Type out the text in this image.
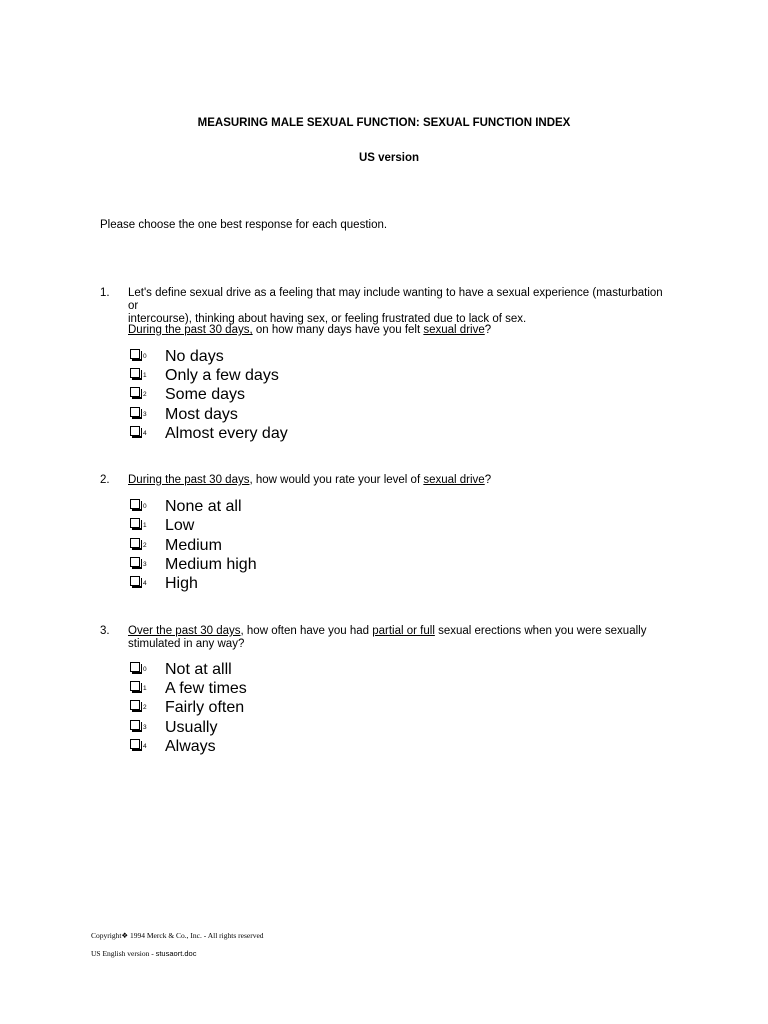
MEASURING MALE SEXUAL FUNCTION: SEXUAL FUNCTION INDEX
US version
Please choose the one best response for each question.
1. Let's define sexual drive as a feeling that may include wanting to have a sexual experience (masturbation or
intercourse), thinking about having sex, or feeling frustrated due to lack of sex.
During the past 30 days, on how many days have you felt sexual drive?
0 No days
1 Only a few days
2 Some days
3 Most days
4 Almost every day
2. During the past 30 days, how would you rate your level of sexual drive?
0 None at all
1 Low
2 Medium
3 Medium high
4 High
3. Over the past 30 days, how often have you had partial or full sexual erections when you were sexually
stimulated in any way?
0 Not at alll
1 A few times
2 Fairly often
3 Usually
4 Always
Copyright❖ 1994 Merck & Co., Inc. - All rights reserved
US English version - stusaort.doc
